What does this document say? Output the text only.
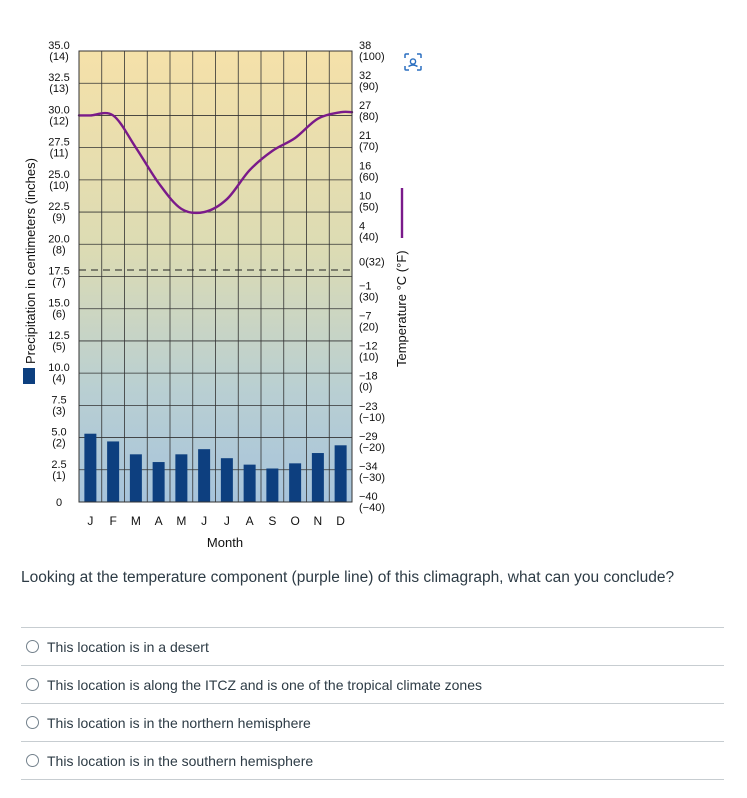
35.0
(14)
32.5
(13)
30.0
(12)
27.5
(11)
25.0
(10)
22.5
(9)
20.0
(8)
17.5
(7)
15.0
(6)
12.5
(5)
10.0
(4)
7.5
(3)
5.0
(2)
2.5
(1)
0
38
(100)
32
(90)
27
(80)
21
(70)
16
(60)
10
(50)
4
(40)
0(32)
−1
(30)
−7
(20)
−12
(10)
−18
(0)
−23
(−10)
−29
(−20)
−34
(−30)
−40
(−40)
J F M A M J J A S O N D
Month
Precipitation in centimeters (inches)	Temperature °C (°F)

Looking at the temperature component (purple line) of this climagraph, what can you conclude?

This location is in a desert
This location is along the ITCZ and is one of the tropical climate zones
This location is in the northern hemisphere
This location is in the southern hemisphere
